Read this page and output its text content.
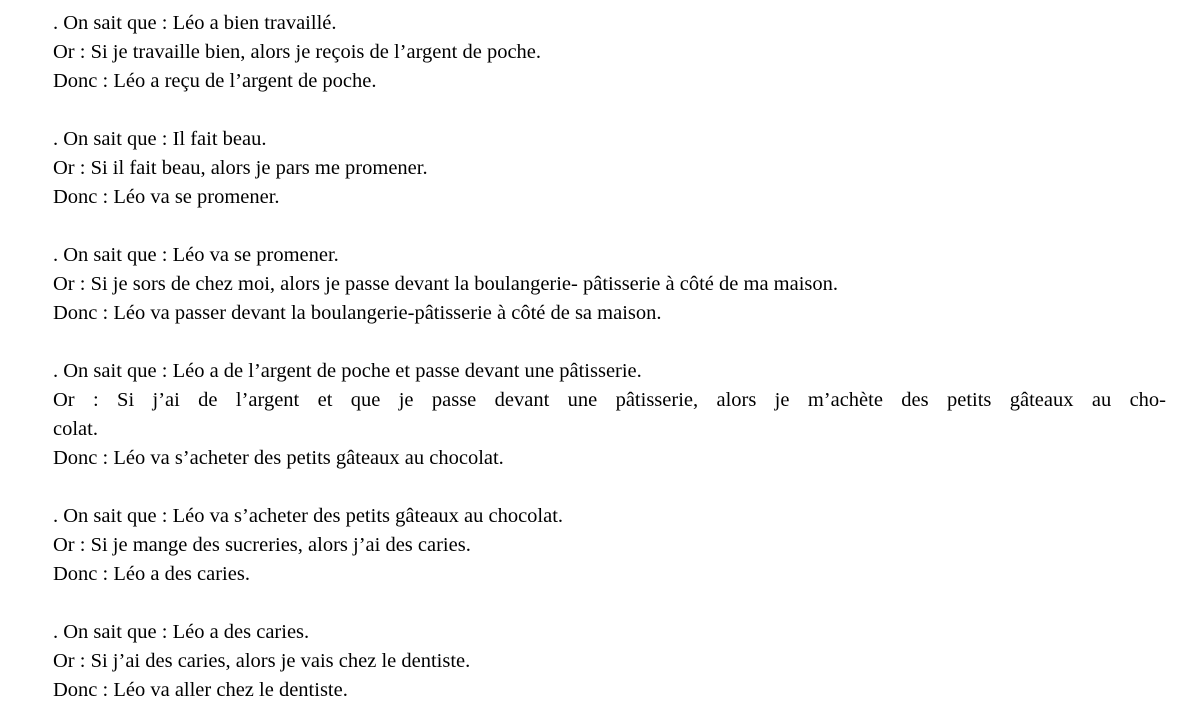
. On sait que : Léo a bien travaillé.
Or : Si je travaille bien, alors je reçois de l’argent de poche.
Donc : Léo a reçu de l’argent de poche.
. On sait que : Il fait beau.
Or : Si il fait beau, alors je pars me promener.
Donc : Léo va se promener.
. On sait que : Léo va se promener.
Or : Si je sors de chez moi, alors je passe devant la boulangerie- pâtisserie à côté de ma maison.
Donc : Léo va passer devant la boulangerie-pâtisserie à côté de sa maison.
. On sait que : Léo a de l’argent de poche et passe devant une pâtisserie.
Or : Si j’ai de l’argent et que je passe devant une pâtisserie, alors je m’achète des petits gâteaux au cho-
colat.
Donc : Léo va s’acheter des petits gâteaux au chocolat.
. On sait que : Léo va s’acheter des petits gâteaux au chocolat.
Or : Si je mange des sucreries, alors j’ai des caries.
Donc : Léo a des caries.
. On sait que : Léo a des caries.
Or : Si j’ai des caries, alors je vais chez le dentiste.
Donc : Léo va aller chez le dentiste.
